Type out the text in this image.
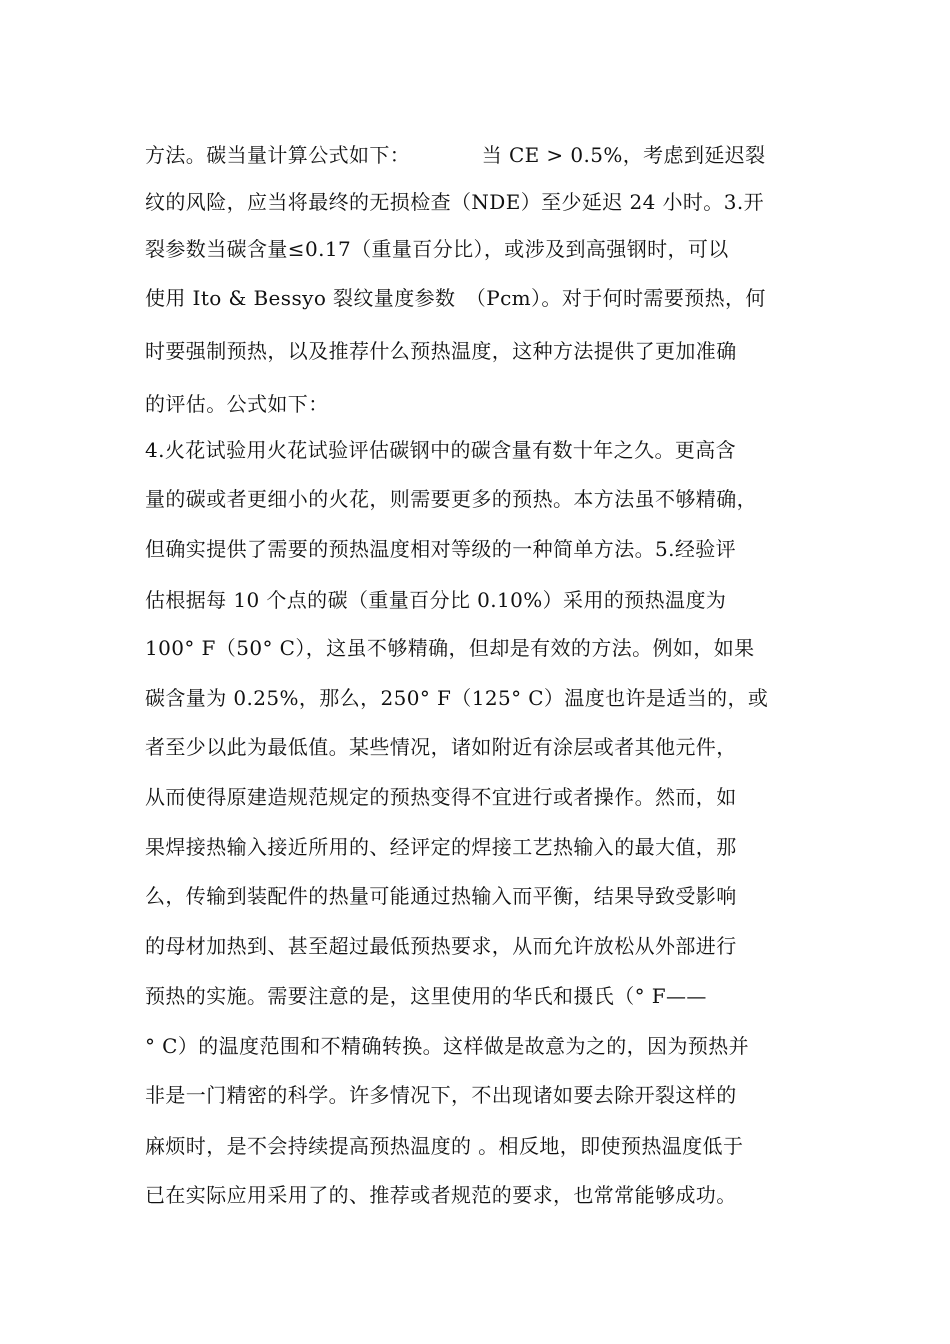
方法。碳当量计算公式如下：　　　　当 CE > 0.5%，考虑到延迟裂
纹的风险，应当将最终的无损检查（NDE）至少延迟 24 小时。3.开
裂参数当碳含量≤0.17（重量百分比），或涉及到高强钢时，可以
使用 Ito & Bessyo 裂纹量度参数　（Pcm）。对于何时需要预热，何
时要强制预热，以及推荐什么预热温度，这种方法提供了更加准确
的评估。公式如下：
4.火花试验用火花试验评估碳钢中的碳含量有数十年之久。更高含
量的碳或者更细小的火花，则需要更多的预热。本方法虽不够精确，
但确实提供了需要的预热温度相对等级的一种简单方法。5.经验评
估根据每 10 个点的碳（重量百分比 0.10%）采用的预热温度为
100° F（50° C），这虽不够精确，但却是有效的方法。例如，如果
碳含量为 0.25%，那么，250° F（125° C）温度也许是适当的，或
者至少以此为最低值。某些情况，诸如附近有涂层或者其他元件，
从而使得原建造规范规定的预热变得不宜进行或者操作。然而，如
果焊接热输入接近所用的、经评定的焊接工艺热输入的最大值，那
么，传输到装配件的热量可能通过热输入而平衡，结果导致受影响
的母材加热到、甚至超过最低预热要求，从而允许放松从外部进行
预热的实施。需要注意的是，这里使用的华氏和摄氏（° F——
° C）的温度范围和不精确转换。这样做是故意为之的，因为预热并
非是一门精密的科学。许多情况下，不出现诸如要去除开裂这样的
麻烦时，是不会持续提高预热温度的 。相反地，即使预热温度低于
已在实际应用采用了的、推荐或者规范的要求，也常常能够成功。
